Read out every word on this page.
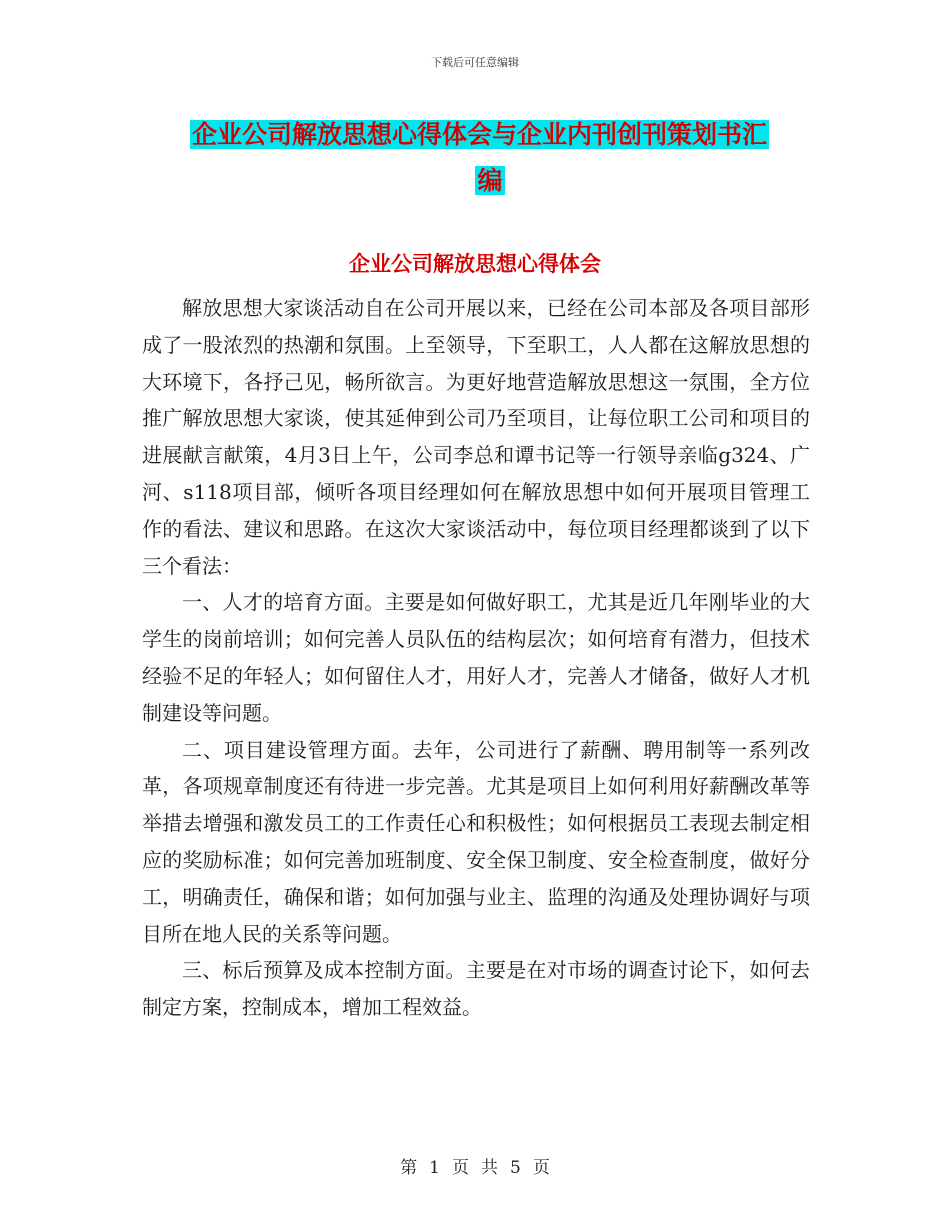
下载后可任意编辑
企业公司解放思想心得体会与企业内刊创刊策划书汇

编
企业公司解放思想心得体会

解放思想大家谈活动自在公司开展以来，已经在公司本部及各项目部形成了一股浓烈的热潮和氛围。上至领导，下至职工，人人都在这解放思想的大环境下，各抒己见，畅所欲言。为更好地营造解放思想这一氛围，全方位推广解放思想大家谈，使其延伸到公司乃至项目，让每位职工公司和项目的进展献言献策，4月3日上午，公司李总和谭书记等一行领导亲临g324、广河、s118项目部，倾听各项目经理如何在解放思想中如何开展项目管理工作的看法、建议和思路。在这次大家谈活动中，每位项目经理都谈到了以下三个看法：

一、人才的培育方面。主要是如何做好职工，尤其是近几年刚毕业的大学生的岗前培训；如何完善人员队伍的结构层次；如何培育有潜力，但技术经验不足的年轻人；如何留住人才，用好人才，完善人才储备，做好人才机制建设等问题。

二、项目建设管理方面。去年，公司进行了薪酬、聘用制等一系列改革，各项规章制度还有待进一步完善。尤其是项目上如何利用好薪酬改革等举措去增强和激发员工的工作责任心和积极性；如何根据员工表现去制定相应的奖励标准；如何完善加班制度、安全保卫制度、安全检查制度，做好分工，明确责任，确保和谐；如何加强与业主、监理的沟通及处理协调好与项目所在地人民的关系等问题。

三、标后预算及成本控制方面。主要是在对市场的调查讨论下，如何去制定方案，控制成本，增加工程效益。

第 1 页 共 5 页
